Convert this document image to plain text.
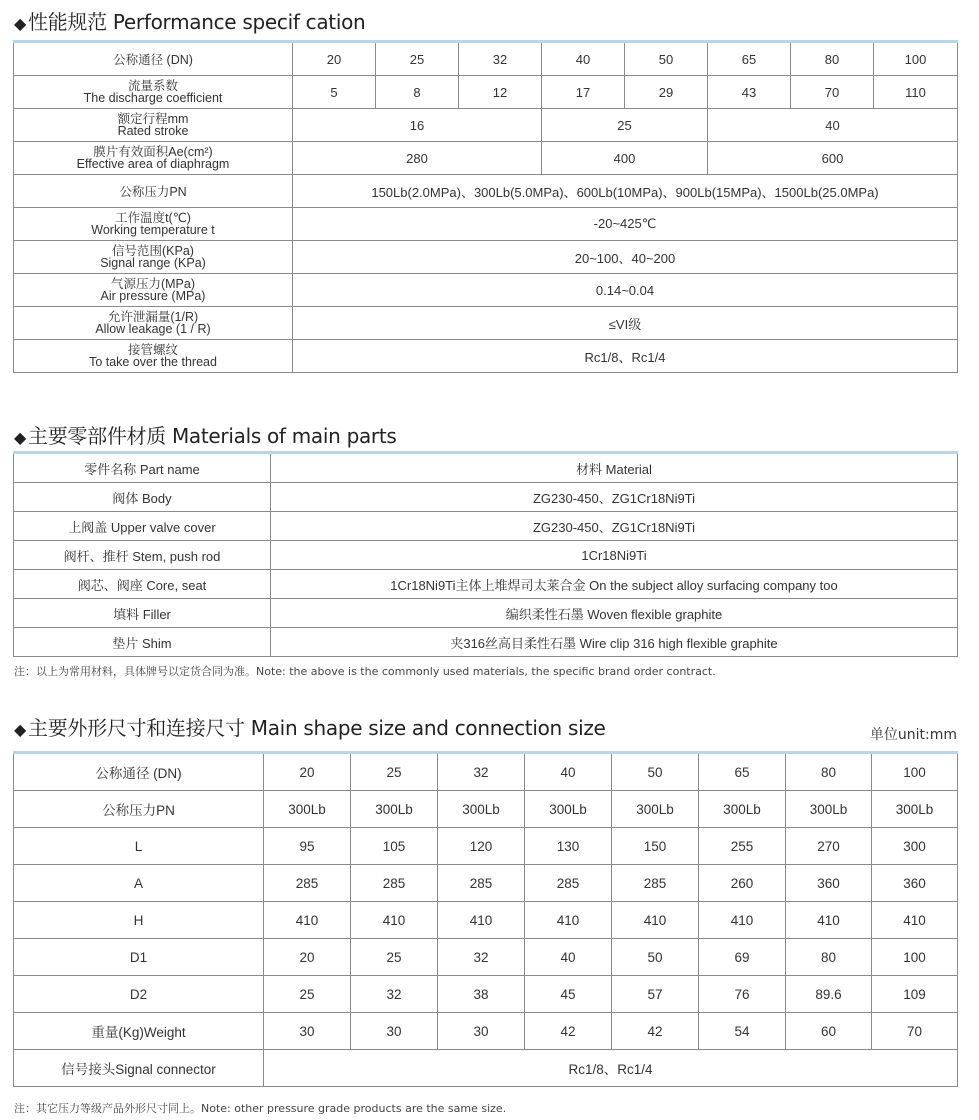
◆ 性能规范 Performance specif cation
公称通径 (DN)	20	25	32	40	50	65	80	100

流量系数
The discharge coefficient	5	8	12	17	29	43	70	110

额定行程mm
Rated stroke	16			25		40		

膜片有效面积Ae(cm²)
Effective area of diaphragm	280			400		600		
公称压力PN	150Lb(2.0MPa)、300Lb(5.0MPa)、600Lb(10MPa)、900Lb(15MPa)、1500Lb(25.0MPa)							

工作温度t(℃)
Working temperature t	-20~425℃							

信号范围(KPa)
Signal range (KPa)	20~100、40~200							

气源压力(MPa)
Air pressure (MPa)	0.14~0.04							

允许泄漏量(1/R)
Allow leakage (1 / R)	≤VI级							

接管螺纹
To take over the thread	Rc1/8、Rc1/4							
◆ 主要零部件材质 Materials of main parts
零件名称 Part name	材料 Material
阀体 Body	ZG230-450、ZG1Cr18Ni9Ti
上阀盖 Upper valve cover	ZG230-450、ZG1Cr18Ni9Ti
阀杆、推杆 Stem, push rod	1Cr18Ni9Ti
阀芯、阀座 Core, seat	1Cr18Ni9Ti主体上堆焊司太莱合金 On the subject alloy surfacing company too
填料 Filler	编织柔性石墨 Woven flexible graphite
垫片 Shim	夹316丝高目柔性石墨 Wire clip 316 high flexible graphite
注：以上为常用材料，具体牌号以定货合同为准。Note: the above is the commonly used materials, the specific brand order contract.
◆ 主要外形尺寸和连接尺寸 Main shape size and connection size	单位unit:mm
公称通径 (DN)	20	25	32	40	50	65	80	100
公称压力PN	300Lb	300Lb	300Lb	300Lb	300Lb	300Lb	300Lb	300Lb
L	95	105	120	130	150	255	270	300
A	285	285	285	285	285	260	360	360
H	410	410	410	410	410	410	410	410
D1	20	25	32	40	50	69	80	100
D2	25	32	38	45	57	76	89.6	109
重量(Kg)Weight	30	30	30	42	42	54	60	70
信号接头Signal connector	Rc1/8、Rc1/4							
注：其它压力等级产品外形尺寸同上。Note: other pressure grade products are the same size.
